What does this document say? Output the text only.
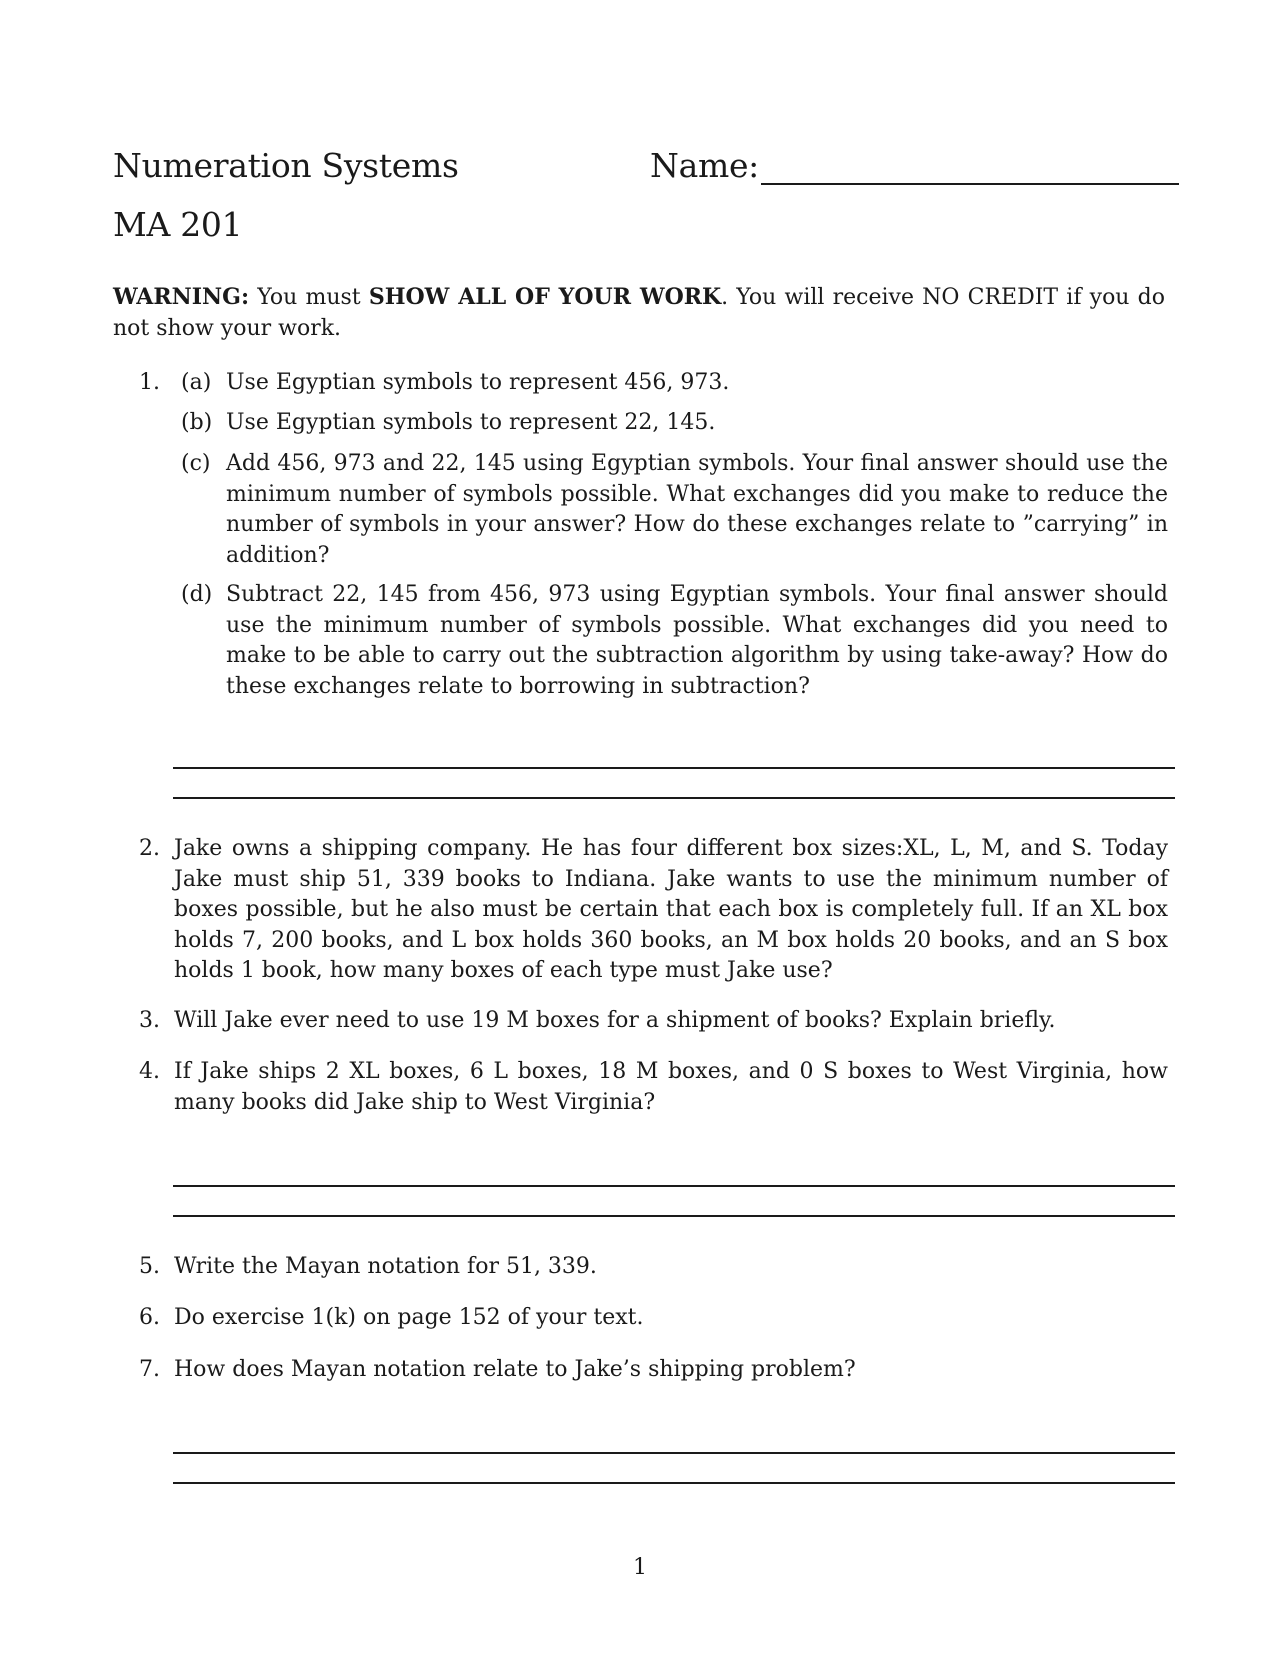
Numeration Systems
MA 201
Name:
WARNING: You must SHOW ALL OF YOUR WORK. You will receive NO CREDIT if you do not show your work.
1. (a) Use Egyptian symbols to represent 456, 973.
(b) Use Egyptian symbols to represent 22, 145.
(c) Add 456, 973 and 22, 145 using Egyptian symbols. Your final answer should use the minimum number of symbols possible. What exchanges did you make to reduce the number of symbols in your answer? How do these exchanges relate to ”carrying” in addition?
(d) Subtract 22, 145 from 456, 973 using Egyptian symbols. Your final answer should use the minimum number of symbols possible. What exchanges did you need to make to be able to carry out the subtraction algorithm by using take-away? How do these exchanges relate to borrowing in subtraction?
2. Jake owns a shipping company. He has four different box sizes:XL, L, M, and S. Today Jake must ship 51, 339 books to Indiana. Jake wants to use the minimum number of boxes possible, but he also must be certain that each box is completely full. If an XL box holds 7, 200 books, and L box holds 360 books, an M box holds 20 books, and an S box holds 1 book, how many boxes of each type must Jake use?
3. Will Jake ever need to use 19 M boxes for a shipment of books? Explain briefly.
4. If Jake ships 2 XL boxes, 6 L boxes, 18 M boxes, and 0 S boxes to West Virginia, how many books did Jake ship to West Virginia?
5. Write the Mayan notation for 51, 339.
6. Do exercise 1(k) on page 152 of your text.
7. How does Mayan notation relate to Jake’s shipping problem?
1
